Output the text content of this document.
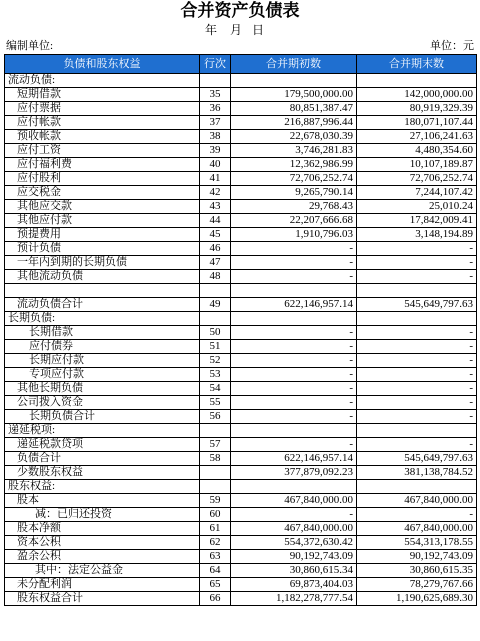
合并资产负债表
年 月 日
编制单位:	单位：元
负债和股东权益	行次	合并期初数	合并期末数
流动负债:			
短期借款	35	179,500,000.00	142,000,000.00
应付票据	36	80,851,387.47	80,919,329.39
应付帐款	37	216,887,996.44	180,071,107.44
预收帐款	38	22,678,030.39	27,106,241.63
应付工资	39	3,746,281.83	4,480,354.60
应付福利费	40	12,362,986.99	10,107,189.87
应付股利	41	72,706,252.74	72,706,252.74
应交税金	42	9,265,790.14	7,244,107.42
其他应交款	43	29,768.43	25,010.24
其他应付款	44	22,207,666.68	17,842,009.41
预提费用	45	1,910,796.03	3,148,194.89
预计负债	46	-	-
一年内到期的长期负债	47	-	-
其他流动负债	48	-	-

流动负债合计	49	622,146,957.14	545,649,797.63
长期负债:			
长期借款	50	-	-
应付债券	51	-	-
长期应付款	52	-	-
专项应付款	53	-	-
其他长期负债	54	-	-
公司拨入资金	55	-	-
长期负债合计	56	-	-
递延税项:			
递延税款贷项	57	-	-
负债合计	58	622,146,957.14	545,649,797.63
少数股东权益		377,879,092.23	381,138,784.52
股东权益:			
股本	59	467,840,000.00	467,840,000.00
减：已归还投资	60	-	-
股本净额	61	467,840,000.00	467,840,000.00
资本公积	62	554,372,630.42	554,313,178.55
盈余公积	63	90,192,743.09	90,192,743.09
其中：法定公益金	64	30,860,615.34	30,860,615.35
未分配利润	65	69,873,404.03	78,279,767.66
股东权益合计	66	1,182,278,777.54	1,190,625,689.30
